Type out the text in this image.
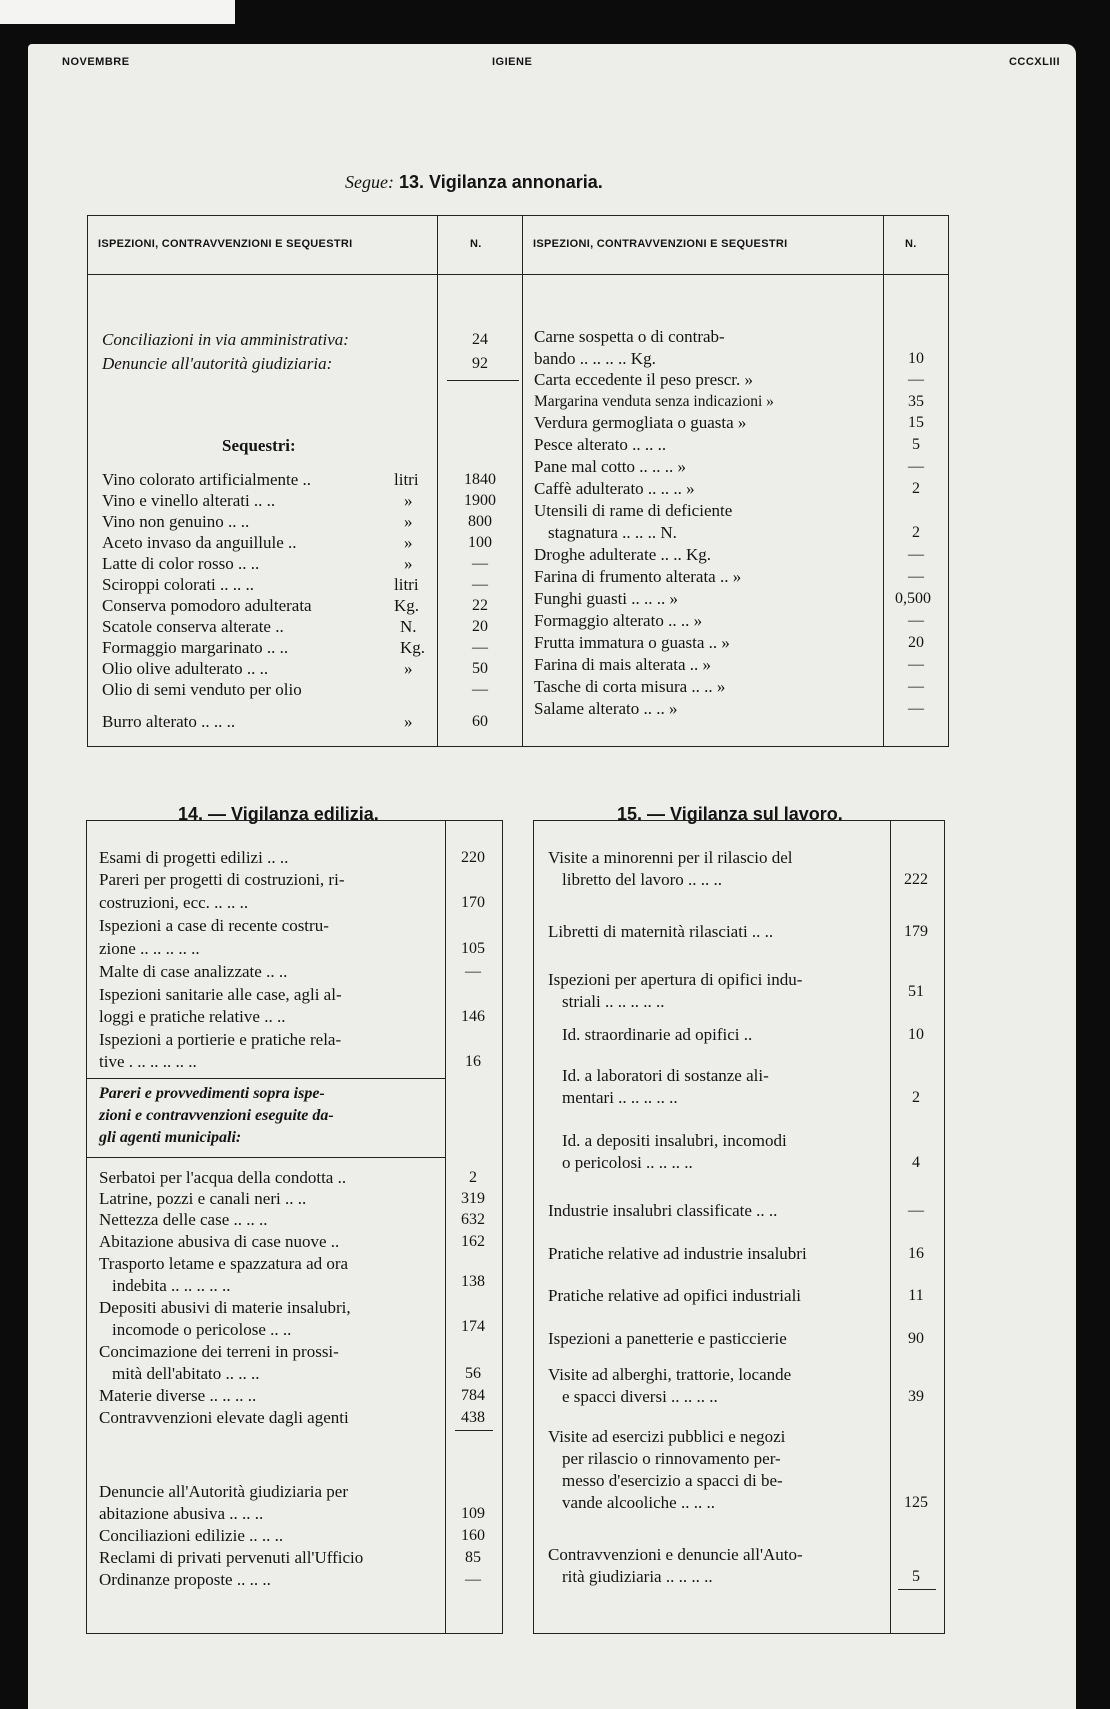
NOVEMBRE	IGIENE	CCCXLIII
Segue: 13. Vigilanza annonaria.
ISPEZIONI, CONTRAVVENZIONI E SEQUESTRI	N.	ISPEZIONI, CONTRAVVENZIONI E SEQUESTRI	N.
Conciliazioni in via amministrativa:	24
Denuncie all'autorità giudiziaria:	92
Sequestri:
Vino colorato artificialmente ..	litri	1840
Vino e vinello alterati .. ..	»	1900
Vino non genuino .. ..	»	800
Aceto invaso da anguillule ..	»	100
Latte di color rosso .. ..	»	—
Sciroppi colorati .. .. ..	litri	—
Conserva pomodoro adulterata	Kg.	22
Scatole conserva alterate ..	N.	20
Formaggio margarinato .. ..	Kg.	—
Olio olive adulterato .. ..	»	50
Olio di semi venduto per olio	—
Burro alterato .. .. ..	»	60
Carne sospetta o di contrab-
bando .. .. .. .. Kg.	10
Carta eccedente il peso prescr. »	—
Margarina venduta senza indicazioni »	35
Verdura germogliata o guasta »	15
Pesce alterato .. .. ..	5
Pane mal cotto .. .. .. »	—
Caffè adulterato .. .. .. »	2
Utensili di rame di deficiente
stagnatura .. .. .. N.	2
Droghe adulterate .. .. Kg.	—
Farina di frumento alterata .. »	—
Funghi guasti .. .. .. »	0,500
Formaggio alterato .. .. »	—
Frutta immatura o guasta .. »	20
Farina di mais alterata .. »	—
Tasche di corta misura .. .. »	—
Salame alterato .. .. »	—
14. — Vigilanza edilizia.
Esami di progetti edilizi .. ..	220
Pareri per progetti di costruzioni, ri-
costruzioni, ecc. .. .. ..	170
Ispezioni a case di recente costru-
zione .. .. .. .. ..	105
Malte di case analizzate .. ..	—
Ispezioni sanitarie alle case, agli al-
loggi e pratiche relative .. ..	146
Ispezioni a portierie e pratiche rela-
tive . .. .. .. .. ..	16
Pareri e provvedimenti sopra ispe-
zioni e contravvenzioni eseguite da-
gli agenti municipali:
Serbatoi per l'acqua della condotta ..	2
Latrine, pozzi e canali neri .. ..	319
Nettezza delle case .. .. ..	632
Abitazione abusiva di case nuove ..	162
Trasporto letame e spazzatura ad ora
indebita .. .. .. .. ..	138
Depositi abusivi di materie insalubri,
incomode o pericolose .. ..	174
Concimazione dei terreni in prossi-
mità dell'abitato .. .. ..	56
Materie diverse .. .. .. ..	784
Contravvenzioni elevate dagli agenti	438
Denuncie all'Autorità giudiziaria per
abitazione abusiva .. .. ..	109
Conciliazioni edilizie .. .. ..	160
Reclami di privati pervenuti all'Ufficio	85
Ordinanze proposte .. .. ..	—
15. — Vigilanza sul lavoro.
Visite a minorenni per il rilascio del
libretto del lavoro .. .. ..	222
Libretti di maternità rilasciati .. ..	179
Ispezioni per apertura di opifici indu-
striali .. .. .. .. ..
51
Id. straordinarie ad opifici ..	10
Id. a laboratori di sostanze ali-
mentari .. .. .. .. ..	2
Id. a depositi insalubri, incomodi
o pericolosi .. .. .. ..	4
Industrie insalubri classificate .. ..	—
Pratiche relative ad industrie insalubri	16
Pratiche relative ad opifici industriali	11
Ispezioni a panetterie e pasticcierie	90
Visite ad alberghi, trattorie, locande
e spacci diversi .. .. .. ..	39
Visite ad esercizi pubblici e negozi
per rilascio o rinnovamento per-
messo d'esercizio a spacci di be-
vande alcooliche .. .. ..	125
Contravvenzioni e denuncie all'Auto-
rità giudiziaria .. .. .. ..	5
